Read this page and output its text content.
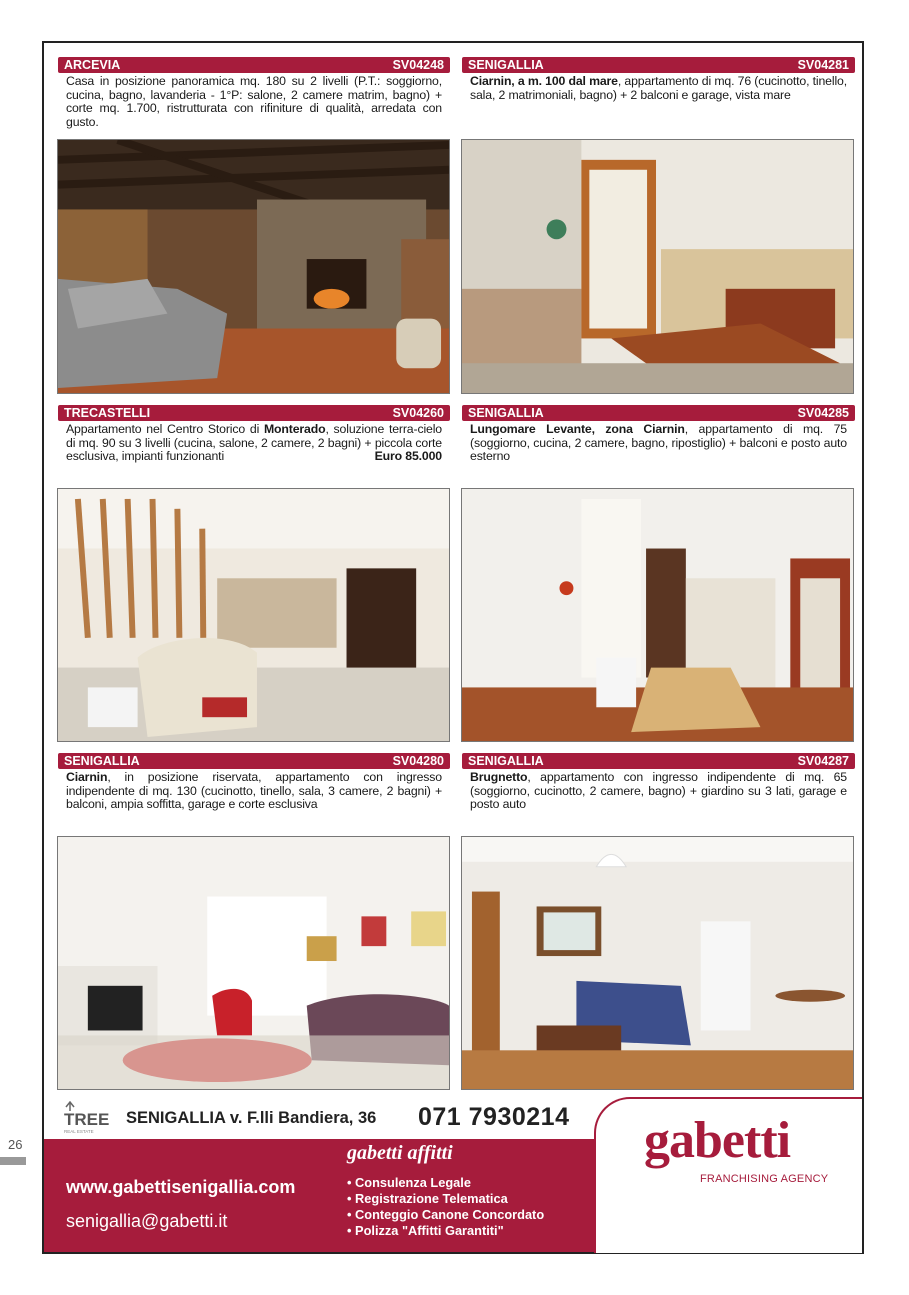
26
ARCEVIA	SV04248
Casa in posizione panoramica mq. 180 su 2 livelli (P.T.: soggiorno, cucina, bagno, lavanderia - 1°P: salone, 2 camere matrim, bagno) + corte mq. 1.700, ristrutturata con rifiniture di qualità, arredata con gusto.
SENIGALLIA	SV04281
Ciarnin, a m. 100 dal mare, appartamento di mq. 76 (cucinotto, tinello, sala, 2 matrimoniali, bagno) + 2 balconi e garage, vista mare
TRECASTELLI	SV04260
Appartamento nel Centro Storico di Monterado, soluzione terra-cielo di mq. 90 su 3 livelli (cucina, salone, 2 camere, 2 bagni) + piccola corte esclusiva, impianti funzionanti	Euro 85.000
SENIGALLIA	SV04285
Lungomare Levante, zona Ciarnin, appartamento di mq. 75 (soggiorno, cucina, 2 camere, bagno, ripostiglio) + balconi e posto auto esterno
SENIGALLIA	SV04280
Ciarnin, in posizione riservata, appartamento con ingresso indipendente di mq. 130 (cucinotto, tinello, sala, 3 camere, 2 bagni) + balconi, ampia soffitta, garage e corte esclusiva
SENIGALLIA	SV04287
Brugnetto, appartamento con ingresso indipendente di mq. 65 (soggiorno, cucinotto, 2 camere, bagno) + giardino su 3 lati, garage e posto auto
TREE
REAL ESTATE
SENIGALLIA v. F.lli Bandiera, 36 071 7930214
www.gabettisenigallia.com
senigallia@gabetti.it
gabetti affitti
• Consulenza Legale
• Registrazione Telematica
• Conteggio Canone Concordato
• Polizza "Affitti Garantiti"
gabetti
FRANCHISING AGENCY
